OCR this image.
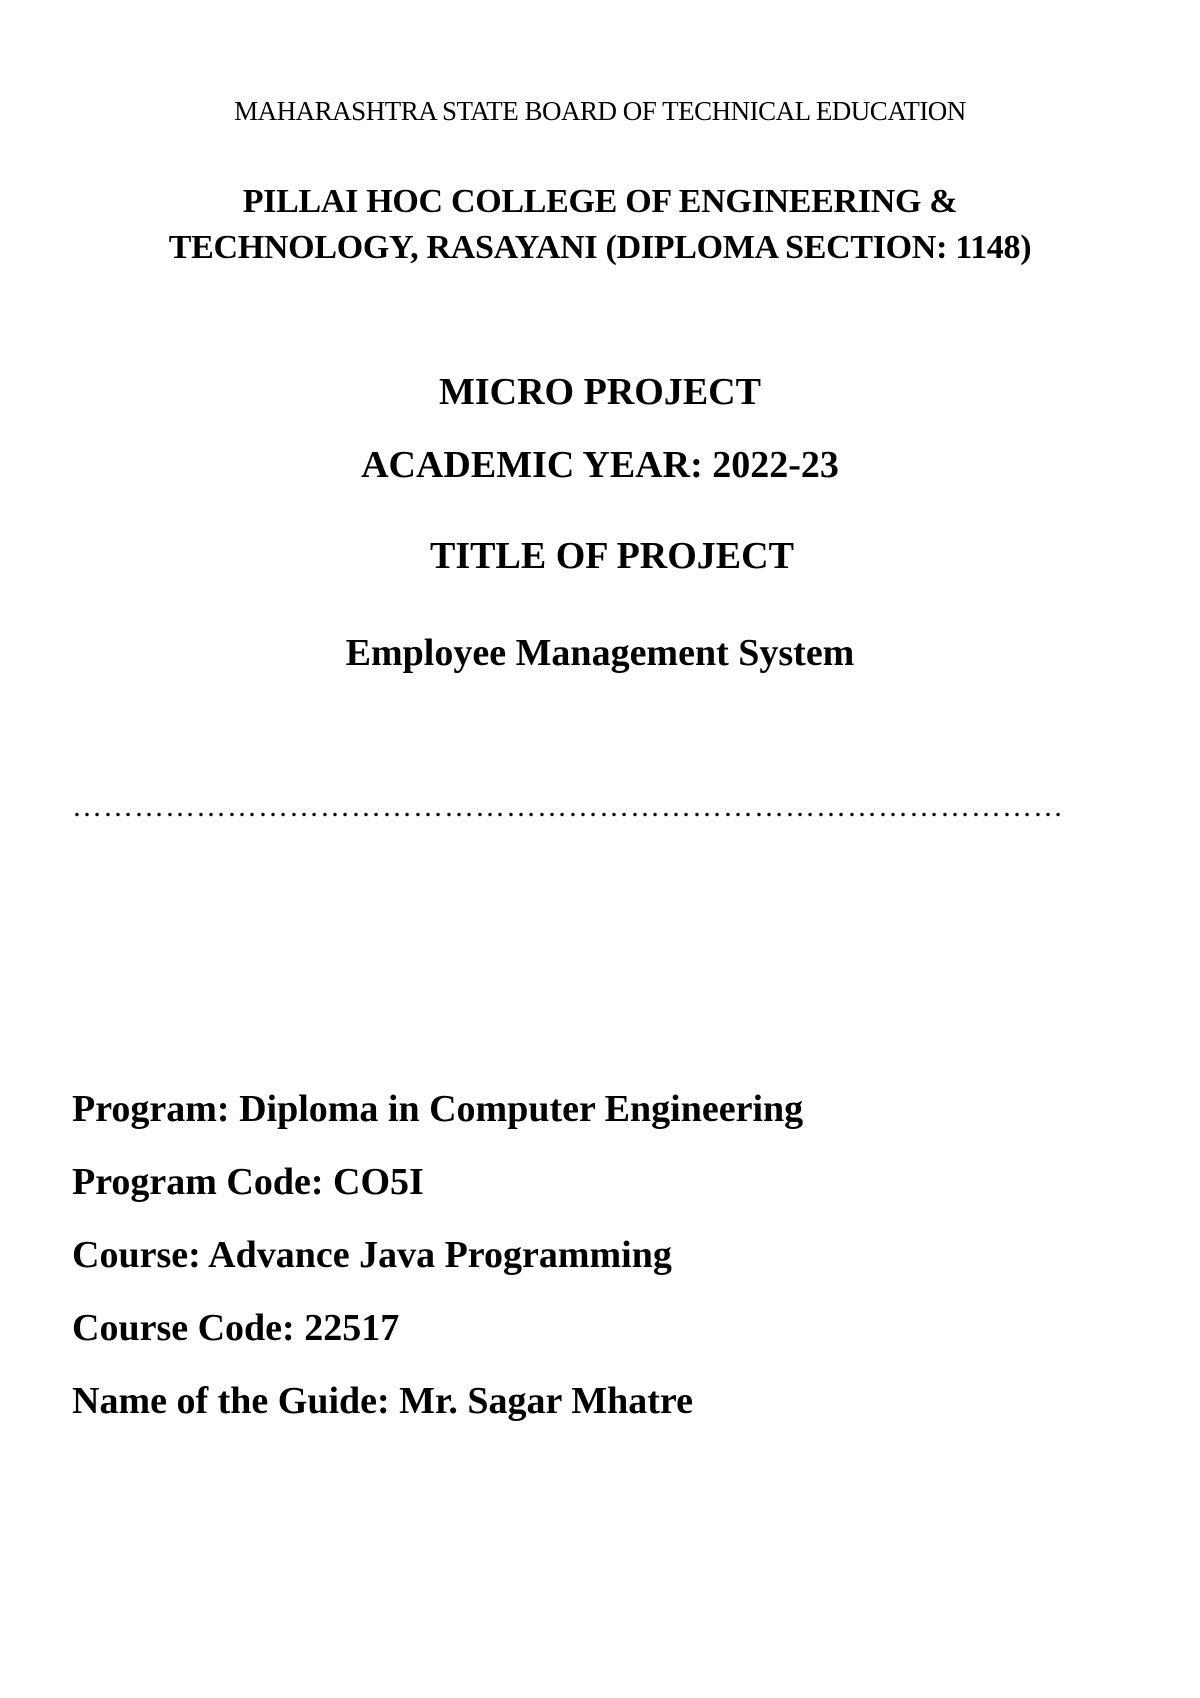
MAHARASHTRA STATE BOARD OF TECHNICAL EDUCATION
PILLAI HOC COLLEGE OF ENGINEERING &
TECHNOLOGY, RASAYANI (DIPLOMA SECTION: 1148)
MICRO PROJECT
ACADEMIC YEAR: 2022-23
TITLE OF PROJECT
Employee Management System
……………………………………………………………………………………
Program: Diploma in Computer Engineering
Program Code: CO5I
Course: Advance Java Programming
Course Code: 22517
Name of the Guide: Mr. Sagar Mhatre
